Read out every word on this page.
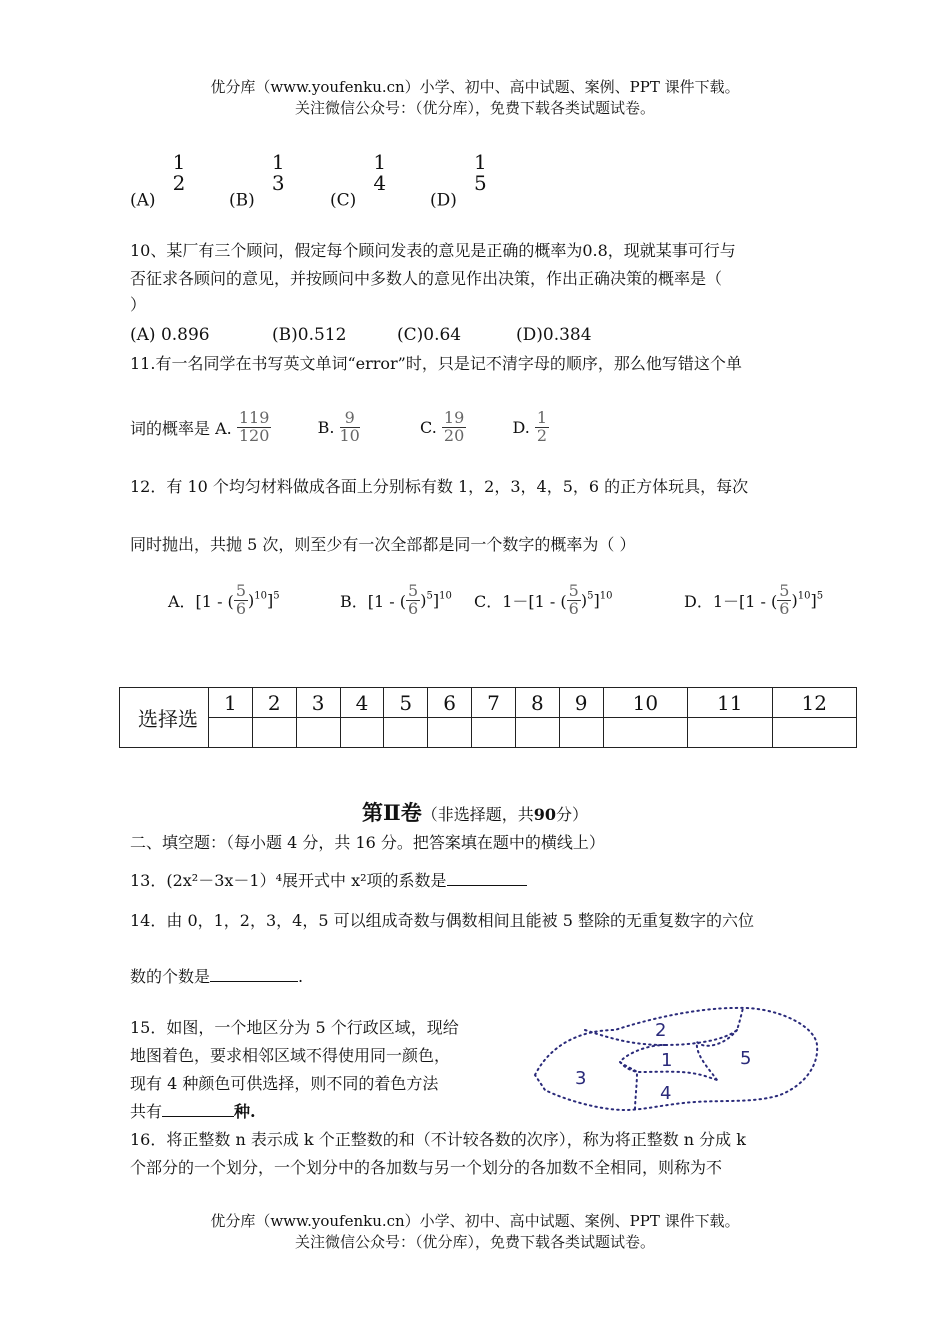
优分库（www.youfenku.cn）小学、初中、高中试题、案例、PPT 课件下载。
关注微信公众号：（优分库），免费下载各类试题试卷。
(A)
1
2
(B)
1
3
(C)
1
4
(D)
1
5
10、某厂有三个顾问，假定每个顾问发表的意见是正确的概率为0.8，现就某事可行与
否征求各顾问的意见，并按顾问中多数人的意见作出决策，作出正确决策的概率是（
）
(A) 0.896	(B)0.512	(C)0.64	(D)0.384
11.有一名同学在书写英文单词“error”时，只是记不清字母的顺序，那么他写错这个单
词的概率是 A. $\frac{119}{120}$	B. $\frac{9}{10}$	C. $\frac{19}{20}$	D. $\frac{1}{2}$
12．有 10 个均匀材料做成各面上分别标有数 1，2，3，4，5，6 的正方体玩具，每次
同时抛出，共抛 5 次，则至少有一次全部都是同一个数字的概率为（ ）
A．[1 - ( $\frac{5}{6} )^{10}]^5$	B．[1 - ( $\frac{5}{6} )^5]^{10}$ C．1－[1 - ( $\frac{5}{6} )^5]^{10}$	D．1－[1 - ( $\frac{5}{6} )^{10}]^5$
选择选	1	2	3	4	5	6	7	8	9	10	11	12

第Ⅱ卷（非选择题，共90分）
二、填空题：（每小题 4 分，共 16 分。把答案填在题中的横线上）
13．(2x²－3x－1）⁴展开式中 x²项的系数是
14．由 0，1，2，3，4，5 可以组成奇数与偶数相间且能被 5 整除的无重复数字的六位
数的个数是	.
15．如图，一个地区分为 5 个行政区域，现给
地图着色，要求相邻区域不得使用同一颜色，
现有 4 种颜色可供选择，则不同的着色方法
共有	种.
2
1	5
3
4
16．将正整数 n 表示成 k 个正整数的和（不计较各数的次序），称为将正整数 n 分成 k
个部分的一个划分，一个划分中的各加数与另一个划分的各加数不全相同，则称为不
优分库（www.youfenku.cn）小学、初中、高中试题、案例、PPT 课件下载。
关注微信公众号：（优分库），免费下载各类试题试卷。
